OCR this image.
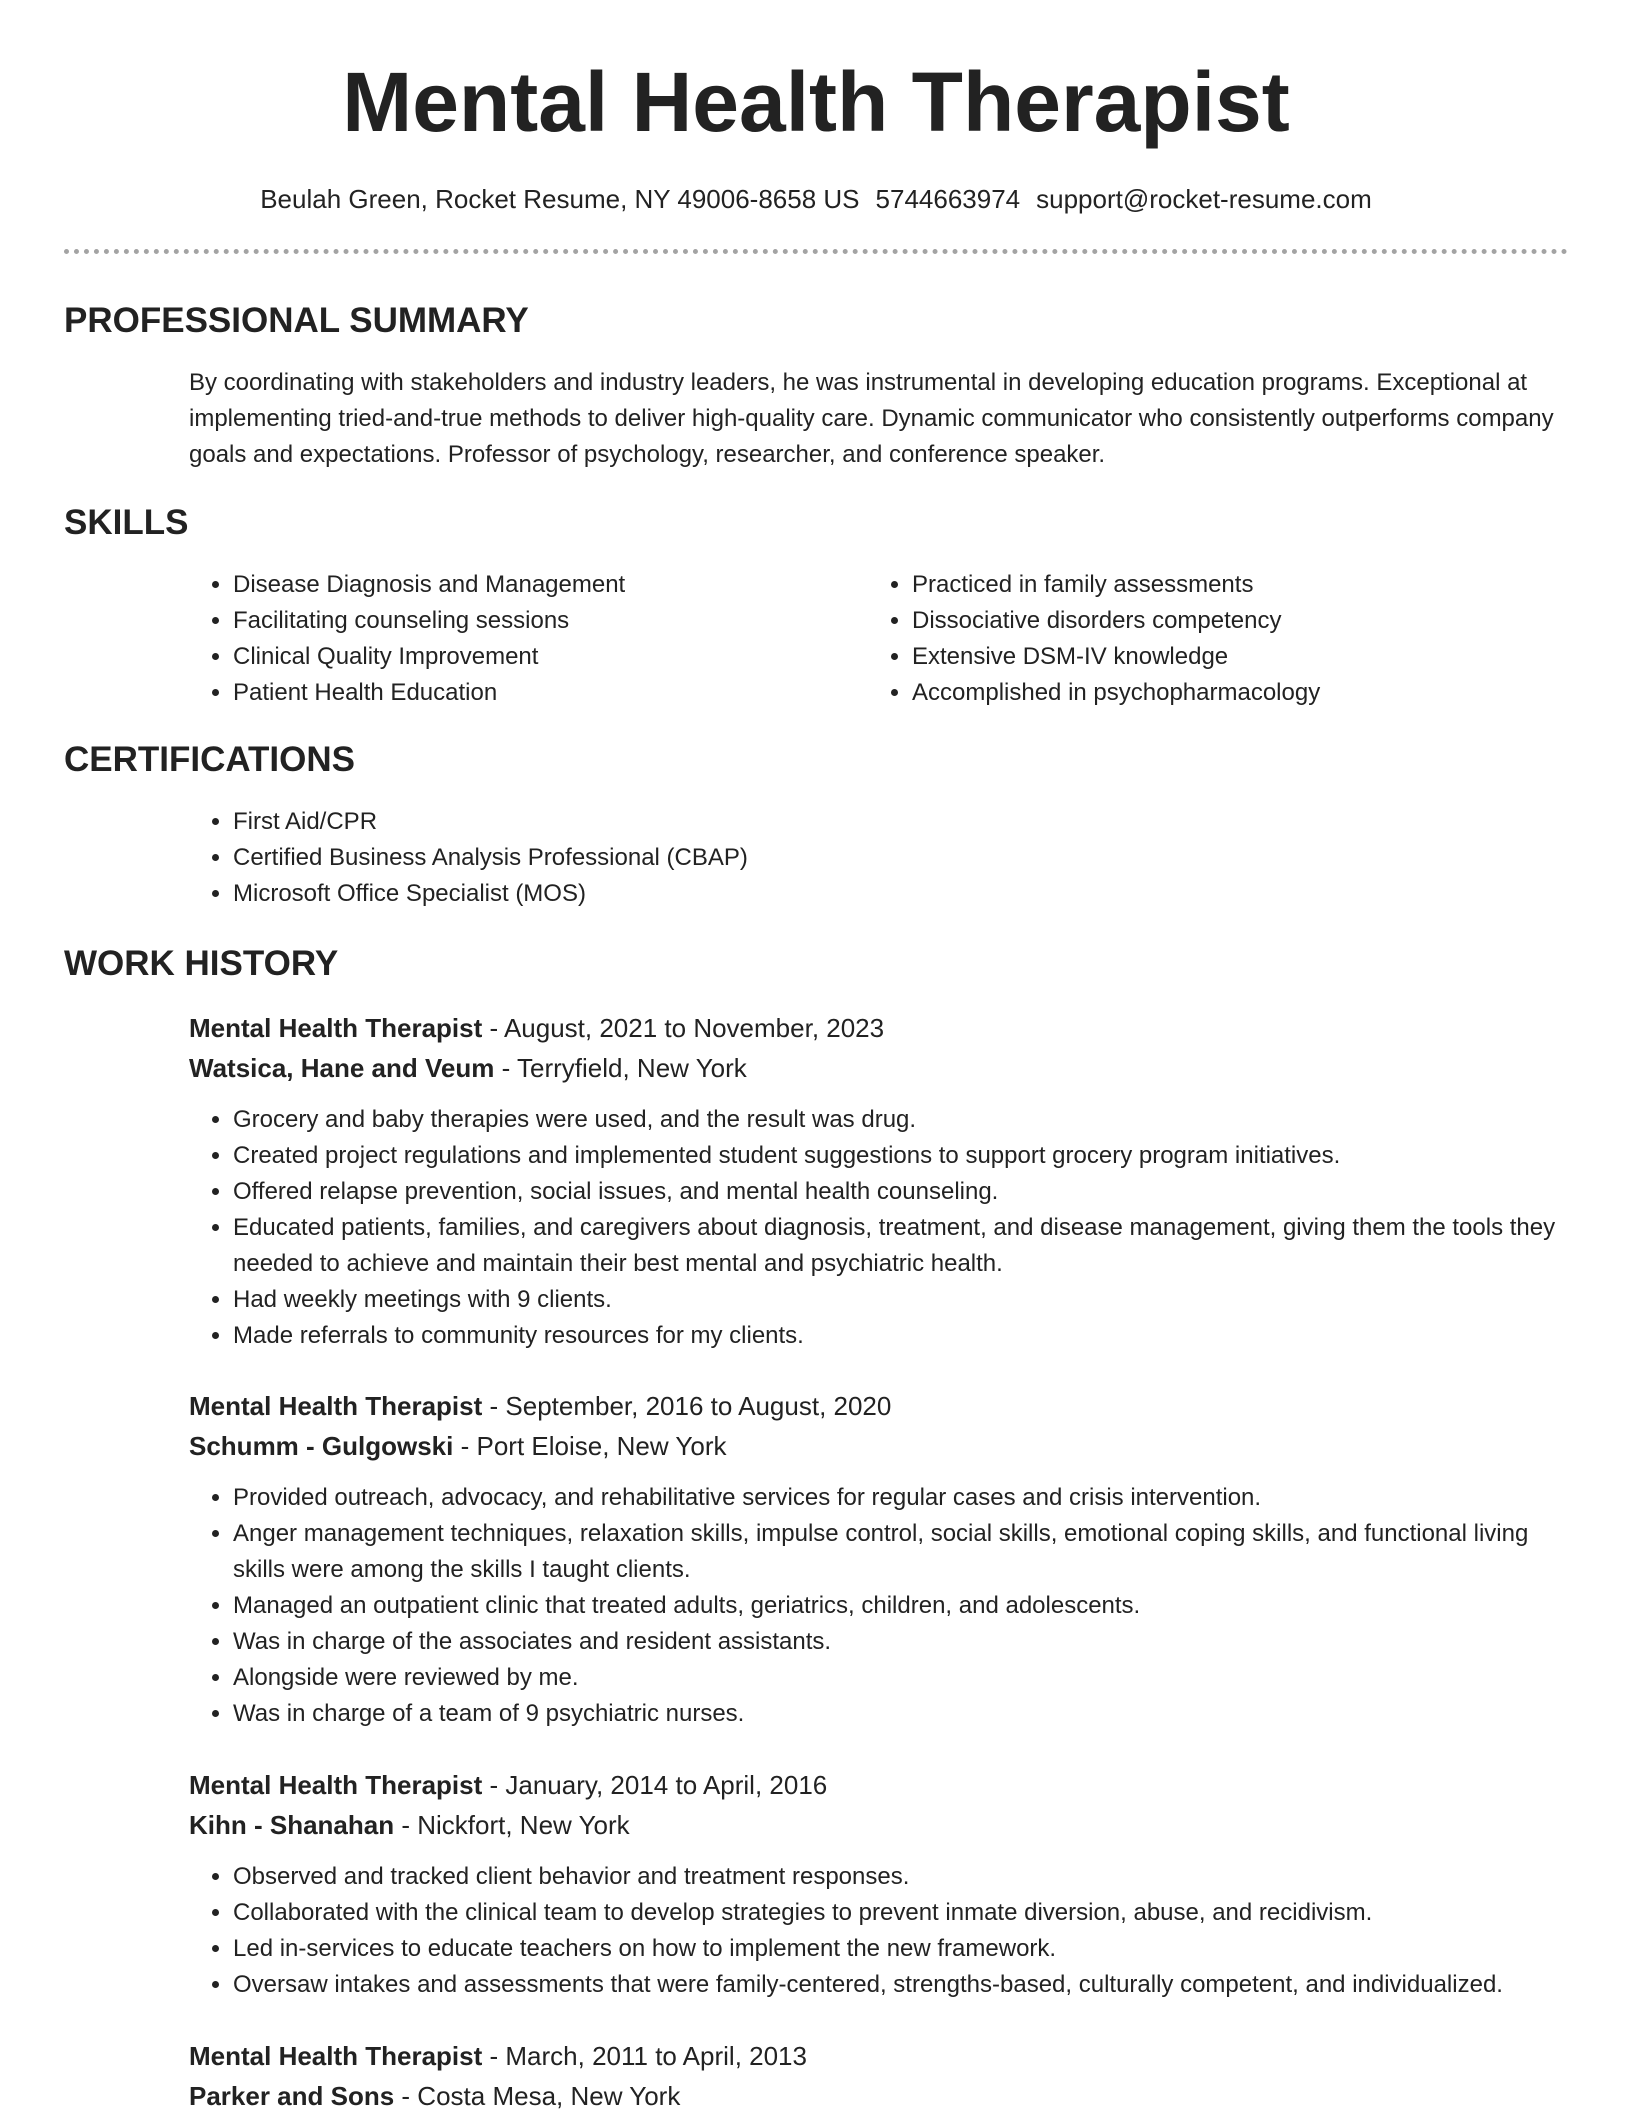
Mental Health Therapist
Beulah Green, Rocket Resume, NY 49006-8658 US 5744663974 support@rocket-resume.com
PROFESSIONAL SUMMARY
By coordinating with stakeholders and industry leaders, he was instrumental in developing education programs. Exceptional at implementing tried-and-true methods to deliver high-quality care. Dynamic communicator who consistently outperforms company goals and expectations. Professor of psychology, researcher, and conference speaker.
SKILLS
• Disease Diagnosis and Management
• Facilitating counseling sessions
• Clinical Quality Improvement
• Patient Health Education
• Practiced in family assessments
• Dissociative disorders competency
• Extensive DSM-IV knowledge
• Accomplished in psychopharmacology
CERTIFICATIONS
• First Aid/CPR
• Certified Business Analysis Professional (CBAP)
• Microsoft Office Specialist (MOS)
WORK HISTORY
Mental Health Therapist - August, 2021 to November, 2023
Watsica, Hane and Veum - Terryfield, New York
• Grocery and baby therapies were used, and the result was drug.
• Created project regulations and implemented student suggestions to support grocery program initiatives.
• Offered relapse prevention, social issues, and mental health counseling.
• Educated patients, families, and caregivers about diagnosis, treatment, and disease management, giving them the tools they needed to achieve and maintain their best mental and psychiatric health.
• Had weekly meetings with 9 clients.
• Made referrals to community resources for my clients.
Mental Health Therapist - September, 2016 to August, 2020
Schumm - Gulgowski - Port Eloise, New York
• Provided outreach, advocacy, and rehabilitative services for regular cases and crisis intervention.
• Anger management techniques, relaxation skills, impulse control, social skills, emotional coping skills, and functional living skills were among the skills I taught clients.
• Managed an outpatient clinic that treated adults, geriatrics, children, and adolescents.
• Was in charge of the associates and resident assistants.
• Alongside were reviewed by me.
• Was in charge of a team of 9 psychiatric nurses.
Mental Health Therapist - January, 2014 to April, 2016
Kihn - Shanahan - Nickfort, New York
• Observed and tracked client behavior and treatment responses.
• Collaborated with the clinical team to develop strategies to prevent inmate diversion, abuse, and recidivism.
• Led in-services to educate teachers on how to implement the new framework.
• Oversaw intakes and assessments that were family-centered, strengths-based, culturally competent, and individualized.
Mental Health Therapist - March, 2011 to April, 2013
Parker and Sons - Costa Mesa, New York
